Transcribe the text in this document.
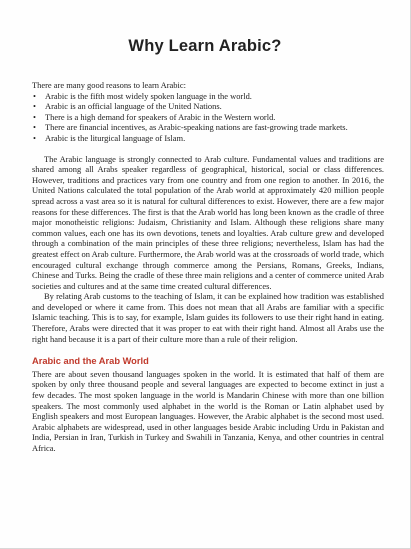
Why Learn Arabic?

There are many good reasons to learn Arabic:

• Arabic is the fifth most widely spoken language in the world.
• Arabic is an official language of the United Nations.
• There is a high demand for speakers of Arabic in the Western world.
• There are financial incentives, as Arabic-speaking nations are fast-growing trade markets.
• Arabic is the liturgical language of Islam.

The Arabic language is strongly connected to Arab culture. Fundamental values and traditions are shared among all Arabs speaker regardless of geographical, historical, social or class differences. However, traditions and practices vary from one country and from one region to another. In 2016, the United Nations calculated the total population of the Arab world at approximately 420 million people spread across a vast area so it is natural for cultural differences to exist. However, there are a few major reasons for these differences. The first is that the Arab world has long been known as the cradle of three major monotheistic religions: Judaism, Christianity and Islam. Although these religions share many common values, each one has its own devotions, tenets and loyalties. Arab culture grew and developed through a combination of the main principles of these three religions; nevertheless, Islam has had the greatest effect on Arab culture. Furthermore, the Arab world was at the crossroads of world trade, which encouraged cultural exchange through commerce among the Persians, Romans, Greeks, Indians, Chinese and Turks. Being the cradle of these three main religions and a center of commerce united Arab societies and cultures and at the same time created cultural differences.

By relating Arab customs to the teaching of Islam, it can be explained how tradition was established and developed or where it came from. This does not mean that all Arabs are familiar with a specific Islamic teaching. This is to say, for example, Islam guides its followers to use their right hand in eating. Therefore, Arabs were directed that it was proper to eat with their right hand. Almost all Arabs use the right hand because it is a part of their culture more than a rule of their religion.

Arabic and the Arab World

There are about seven thousand languages spoken in the world. It is estimated that half of them are spoken by only three thousand people and several languages are expected to become extinct in just a few decades. The most spoken language in the world is Mandarin Chinese with more than one billion speakers. The most commonly used alphabet in the world is the Roman or Latin alphabet used by English speakers and most European languages. However, the Arabic alphabet is the second most used. Arabic alphabets are widespread, used in other languages beside Arabic including Urdu in Pakistan and India, Persian in Iran, Turkish in Turkey and Swahili in Tanzania, Kenya, and other countries in central Africa.
